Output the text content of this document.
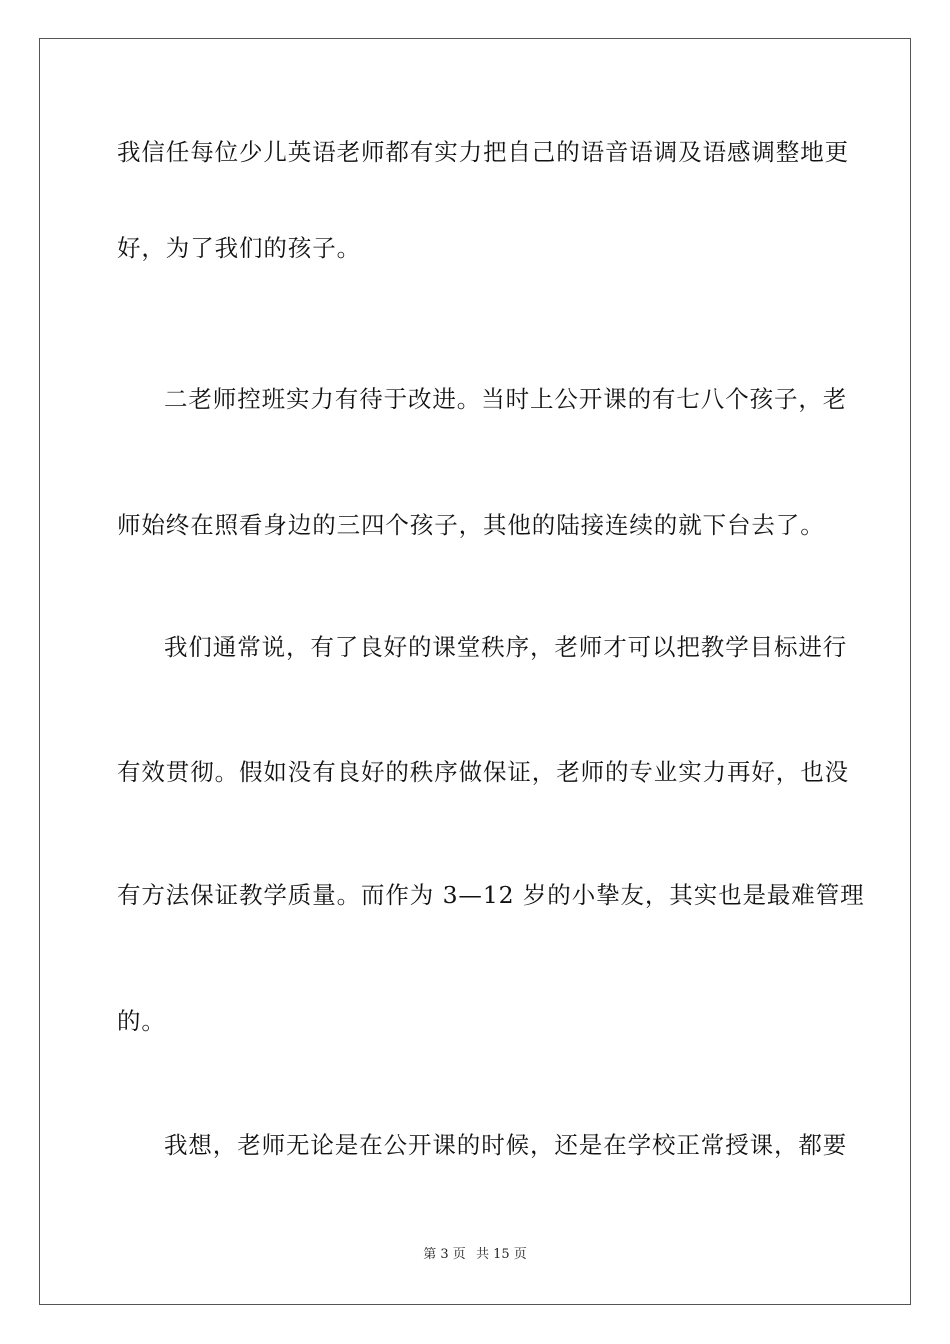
我信任每位少儿英语老师都有实力把自己的语音语调及语感调整地更
好，为了我们的孩子。
二老师控班实力有待于改进。当时上公开课的有七八个孩子，老
师始终在照看身边的三四个孩子，其他的陆接连续的就下台去了。
我们通常说，有了良好的课堂秩序，老师才可以把教学目标进行
有效贯彻。假如没有良好的秩序做保证，老师的专业实力再好，也没
有方法保证教学质量。而作为 3—12 岁的小挚友，其实也是最难管理
的。
我想，老师无论是在公开课的时候，还是在学校正常授课，都要
第 3 页 共 15 页
